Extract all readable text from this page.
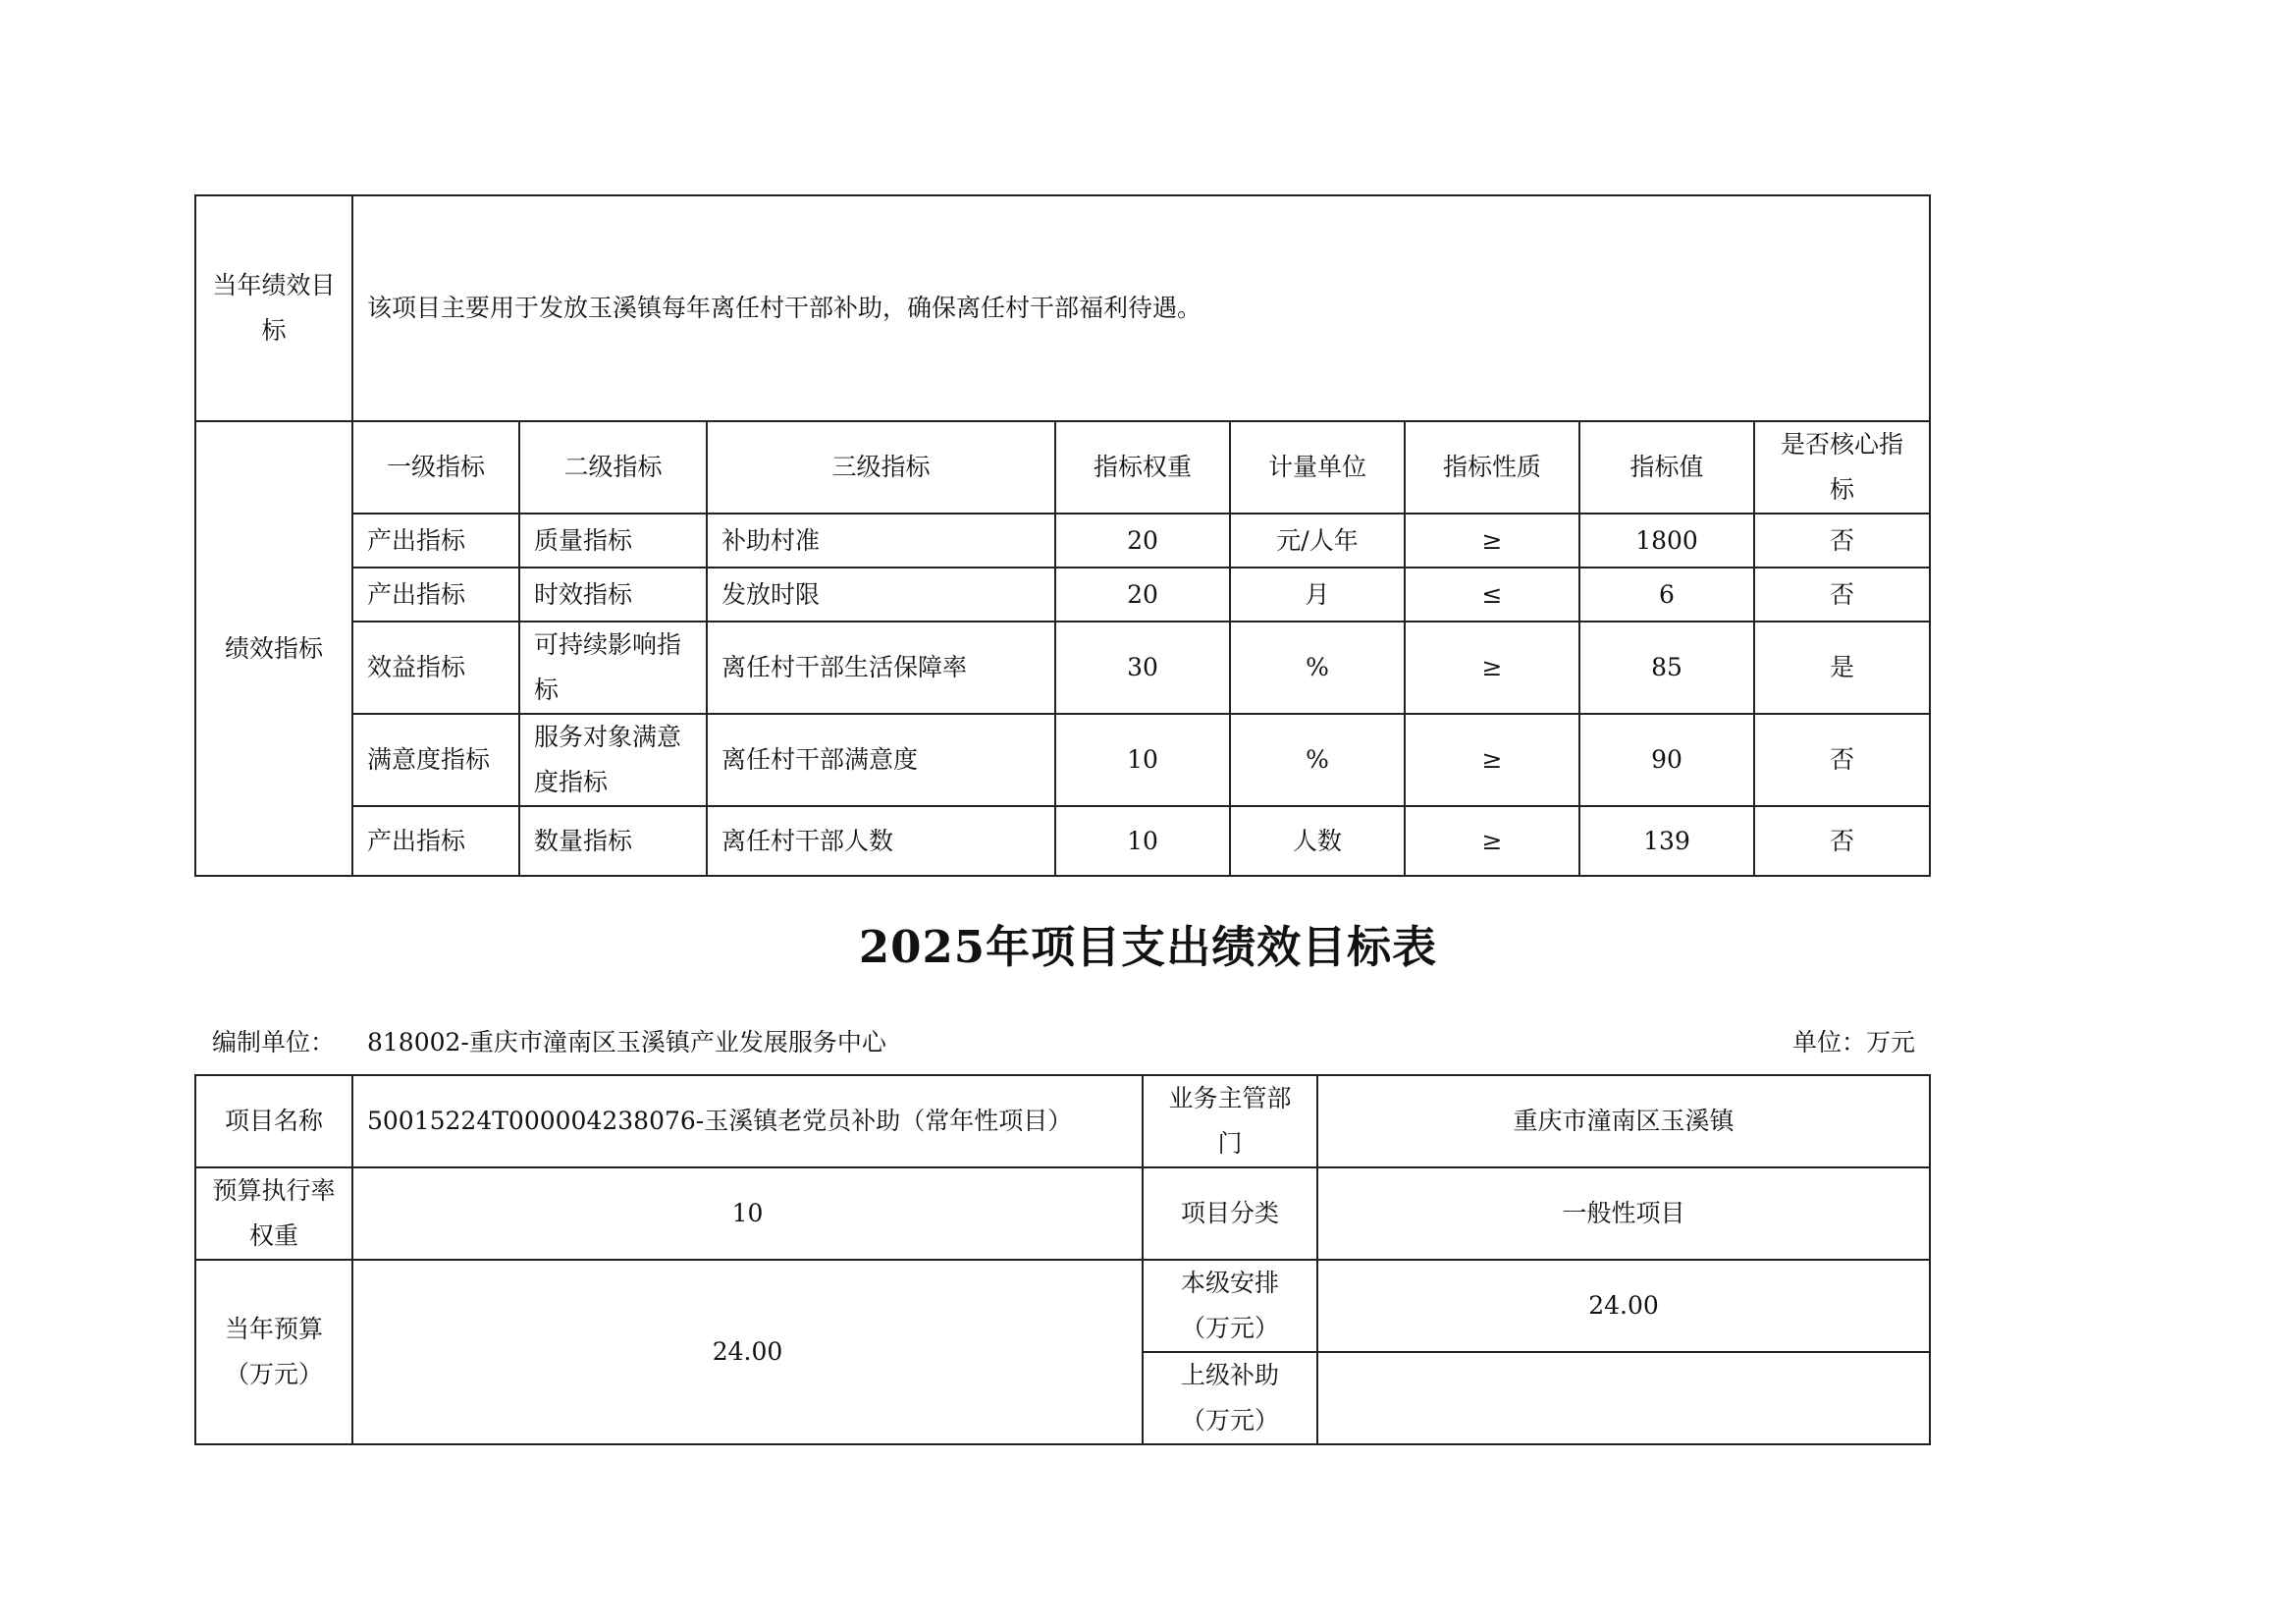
当年绩效目标	该项目主要用于发放玉溪镇每年离任村干部补助，确保离任村干部福利待遇。							
绩效指标	一级指标	二级指标	三级指标	指标权重	计量单位	指标性质	指标值	是否核心指标
	产出指标	质量指标	补助村准	20	元/人年	≥	1800	否
	产出指标	时效指标	发放时限	20	月	≤	6	否
	效益指标	可持续影响指标	离任村干部生活保障率	30	%	≥	85	是
	满意度指标	服务对象满意度指标	离任村干部满意度	10	%	≥	90	否
	产出指标	数量指标	离任村干部人数	10	人数	≥	139	否
2025年项目支出绩效目标表
编制单位： 818002-重庆市潼南区玉溪镇产业发展服务中心	单位：万元
项目名称	50015224T000004238076-玉溪镇老党员补助（常年性项目）	业务主管部门	重庆市潼南区玉溪镇
预算执行率权重	10	项目分类	一般性项目
当年预算（万元）	24.00	本级安排（万元）	24.00
		上级补助（万元）	
